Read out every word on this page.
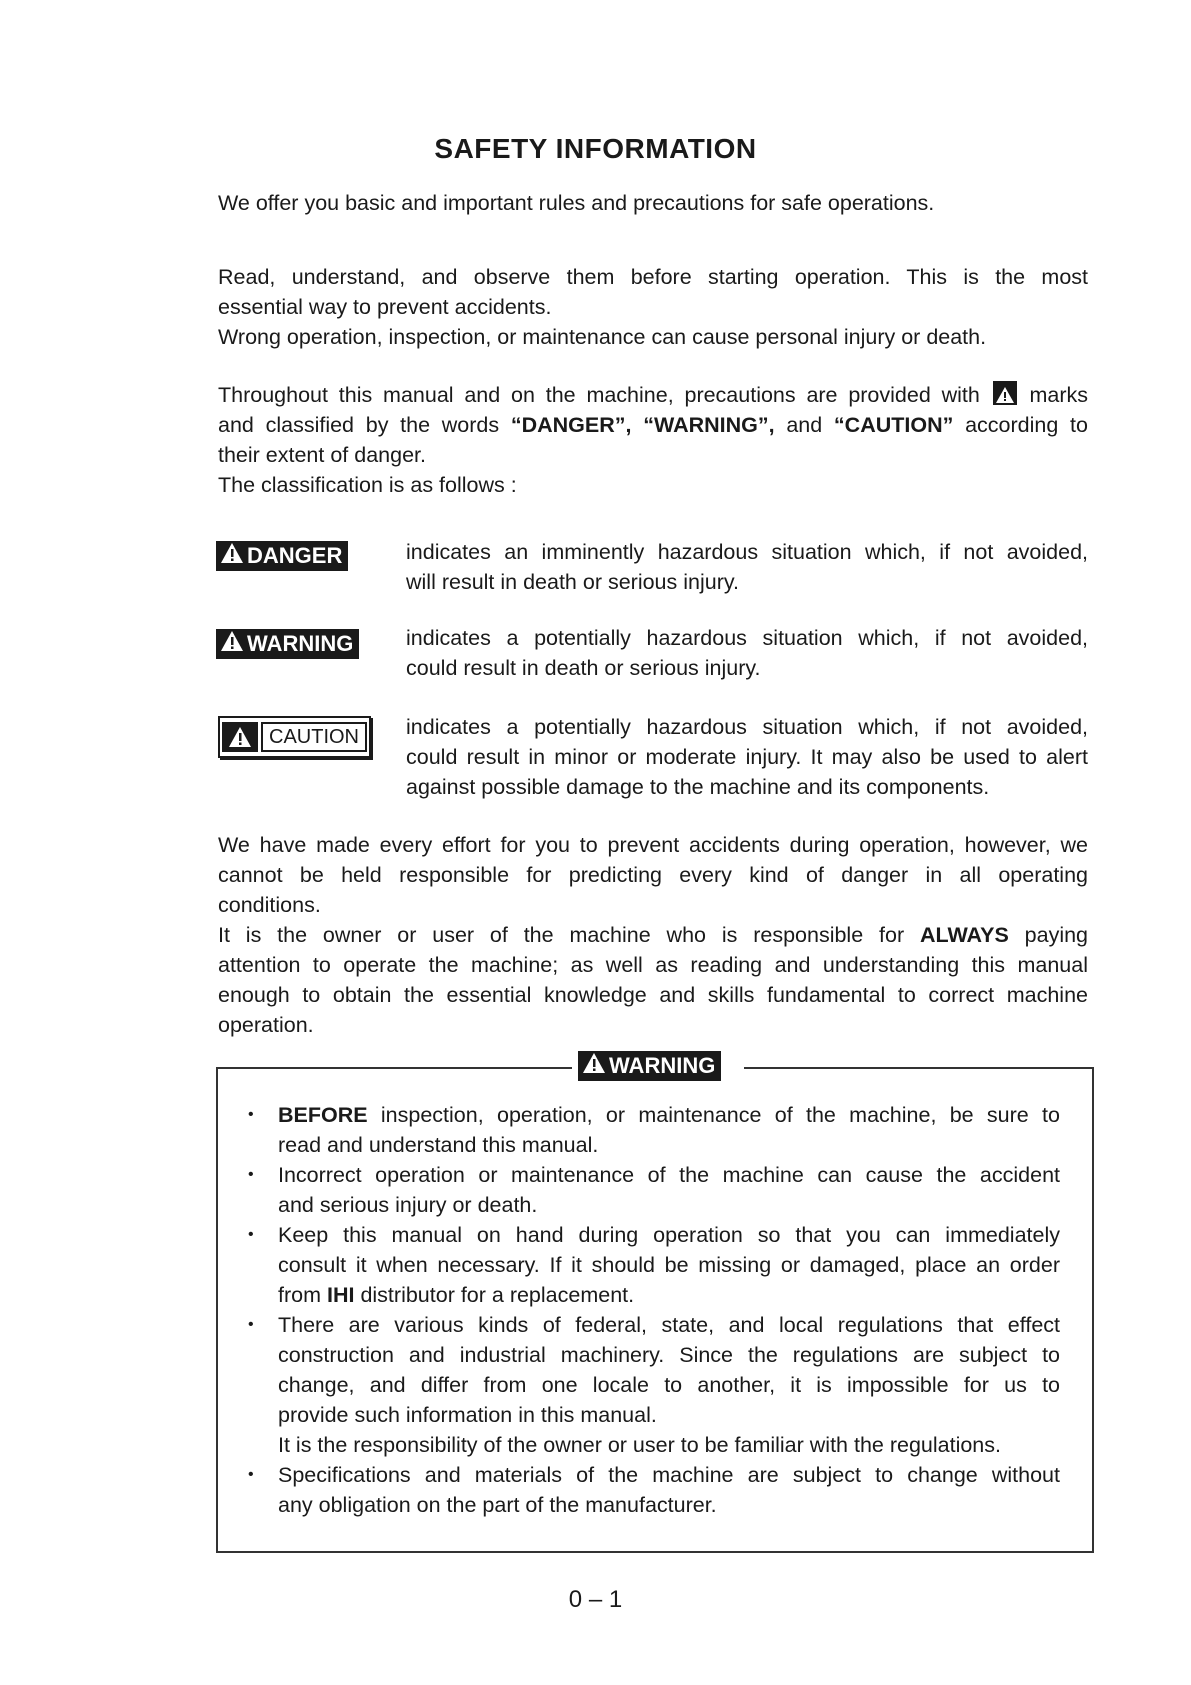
SAFETY INFORMATION

We offer you basic and important rules and precautions for safe operations.

Read, understand, and observe them before starting operation. This is the most
essential way to prevent accidents.
Wrong operation, inspection, or maintenance can cause personal injury or death.

Throughout this manual and on the machine, precautions are provided with marks
and classified by the words “DANGER”, “WARNING”, and “CAUTION” according to
their extent of danger.
The classification is as follows :

DANGER	indicates an imminently hazardous situation which, if not avoided,
will result in death or serious injury.

WARNING indicates a potentially hazardous situation which, if not avoided,
could result in death or serious injury.

CAUTION	indicates a potentially hazardous situation which, if not avoided,
could result in minor or moderate injury. It may also be used to alert
against possible damage to the machine and its components.

We have made every effort for you to prevent accidents during operation, however, we
cannot be held responsible for predicting every kind of danger in all operating
conditions.
It is the owner or user of the machine who is responsible for ALWAYS paying
attention to operate the machine; as well as reading and understanding this manual
enough to obtain the essential knowledge and skills fundamental to correct machine
operation.

WARNING
• BEFORE inspection, operation, or maintenance of the machine, be sure to
read and understand this manual.
• Incorrect operation or maintenance of the machine can cause the accident
and serious injury or death.
• Keep this manual on hand during operation so that you can immediately
consult it when necessary. If it should be missing or damaged, place an order
from IHI distributor for a replacement.
• There are various kinds of federal, state, and local regulations that effect
construction and industrial machinery. Since the regulations are subject to
change, and differ from one locale to another, it is impossible for us to
provide such information in this manual.
It is the responsibility of the owner or user to be familiar with the regulations.
• Specifications and materials of the machine are subject to change without
any obligation on the part of the manufacturer.
0 – 1
